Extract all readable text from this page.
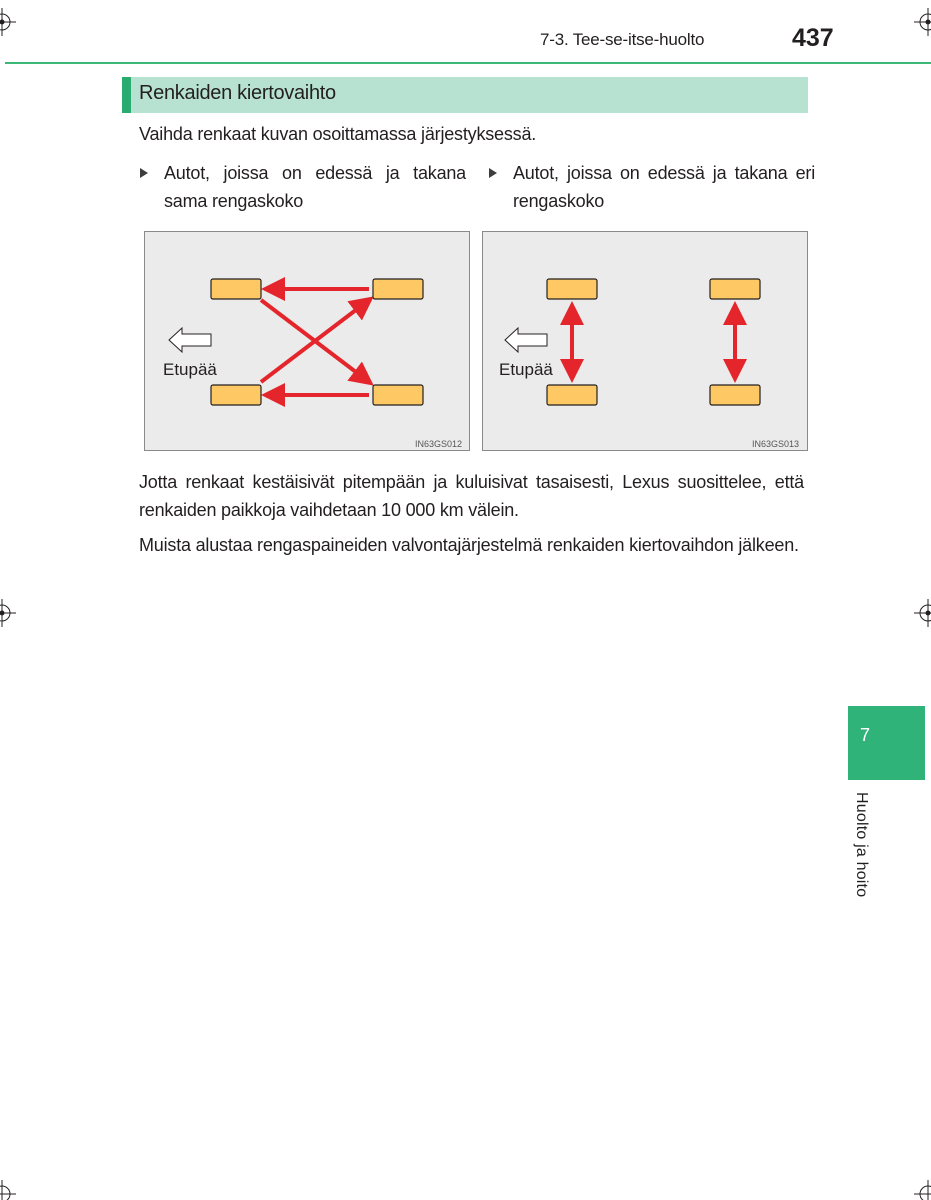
7-3. Tee-se-itse-huolto	437
Renkaiden kiertovaihto
Vaihda renkaat kuvan osoittamassa järjestyksessä.
Autot, joissa on edessä ja takana sama rengaskoko
Autot, joissa on edessä ja takana eri rengaskoko
Etupää
IN63GS012
Etupää
IN63GS013
Jotta renkaat kestäisivät pitempään ja kuluisivat tasaisesti, Lexus suosittelee, että renkaiden paikkoja vaihdetaan 10 000 km välein.
Muista alustaa rengaspaineiden valvontajärjestelmä renkaiden kiertovaihdon jälkeen.
7
Huolto ja hoito
